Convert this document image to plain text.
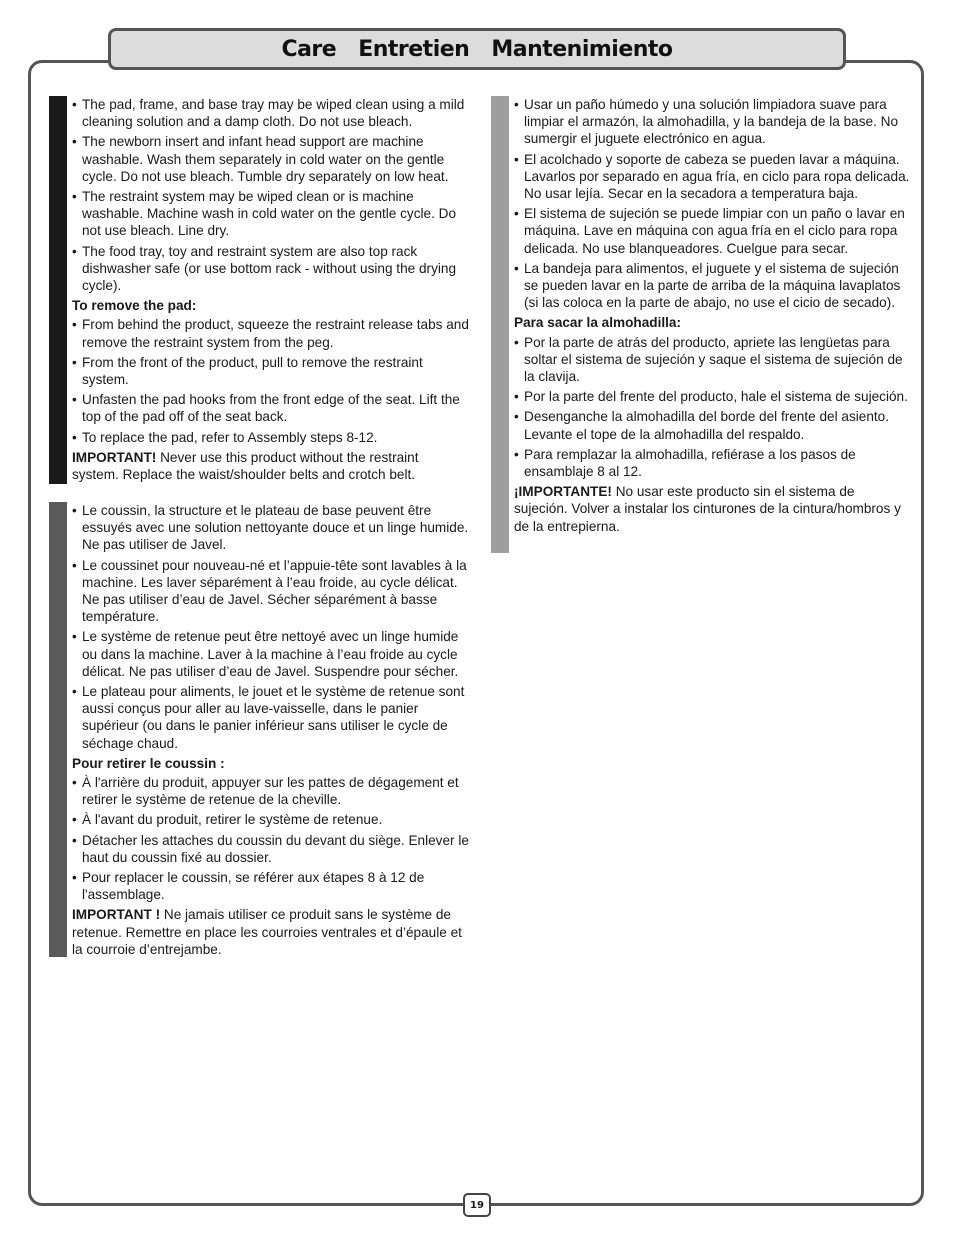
Care Entretien Mantenimiento
• The pad, frame, and base tray may be wiped clean using a mild cleaning solution and a damp cloth. Do not use bleach.
• The newborn insert and infant head support are machine washable. Wash them separately in cold water on the gentle cycle. Do not use bleach. Tumble dry separately on low heat.
• The restraint system may be wiped clean or is machine washable. Machine wash in cold water on the gentle cycle. Do not use bleach. Line dry.
• The food tray, toy and restraint system are also top rack dishwasher safe (or use bottom rack - without using the drying cycle).
To remove the pad:
• From behind the product, squeeze the restraint release tabs and remove the restraint system from the peg.
• From the front of the product, pull to remove the restraint system.
• Unfasten the pad hooks from the front edge of the seat. Lift the top of the pad off of the seat back.
• To replace the pad, refer to Assembly steps 8-12.
IMPORTANT! Never use this product without the restraint system. Replace the waist/shoulder belts and crotch belt.
• Le coussin, la structure et le plateau de base peuvent être essuyés avec une solution nettoyante douce et un linge humide. Ne pas utiliser de Javel.
• Le coussinet pour nouveau-né et l’appuie-tête sont lavables à la machine. Les laver séparément à l’eau froide, au cycle délicat. Ne pas utiliser d’eau de Javel. Sécher séparément à basse température.
• Le système de retenue peut être nettoyé avec un linge humide ou dans la machine. Laver à la machine à l’eau froide au cycle délicat. Ne pas utiliser d’eau de Javel. Suspendre pour sécher.
• Le plateau pour aliments, le jouet et le système de retenue sont aussi conçus pour aller au lave-vaisselle, dans le panier supérieur (ou dans le panier inférieur sans utiliser le cycle de séchage chaud.
Pour retirer le coussin :
• À l'arrière du produit, appuyer sur les pattes de dégagement et retirer le système de retenue de la cheville.
• À l'avant du produit, retirer le système de retenue.
• Détacher les attaches du coussin du devant du siège. Enlever le haut du coussin fixé au dossier.
• Pour replacer le coussin, se référer aux étapes 8 à 12 de l'assemblage.
IMPORTANT ! Ne jamais utiliser ce produit sans le système de retenue. Remettre en place les courroies ventrales et d’épaule et la courroie d’entrejambe.
• Usar un paño húmedo y una solución limpiadora suave para limpiar el armazón, la almohadilla, y la bandeja de la base. No sumergir el juguete electrónico en agua.
• El acolchado y soporte de cabeza se pueden lavar a máquina. Lavarlos por separado en agua fría, en ciclo para ropa delicada. No usar lejía. Secar en la secadora a temperatura baja.
• El sistema de sujeción se puede limpiar con un paño o lavar en máquina. Lave en máquina con agua fría en el ciclo para ropa delicada. No use blanqueadores. Cuelgue para secar.
• La bandeja para alimentos, el juguete y el sistema de sujeción se pueden lavar en la parte de arriba de la máquina lavaplatos (si las coloca en la parte de abajo, no use el cicio de secado).
Para sacar la almohadilla:
• Por la parte de atrás del producto, apriete las lengüetas para soltar el sistema de sujeción y saque el sistema de sujeción de la clavija.
• Por la parte del frente del producto, hale el sistema de sujeción.
• Desenganche la almohadilla del borde del frente del asiento. Levante el tope de la almohadilla del respaldo.
• Para remplazar la almohadilla, refiérase a los pasos de ensamblaje 8 al 12.
¡IMPORTANTE! No usar este producto sin el sistema de sujeción. Volver a instalar los cinturones de la cintura/hombros y de la entrepierna.
19
